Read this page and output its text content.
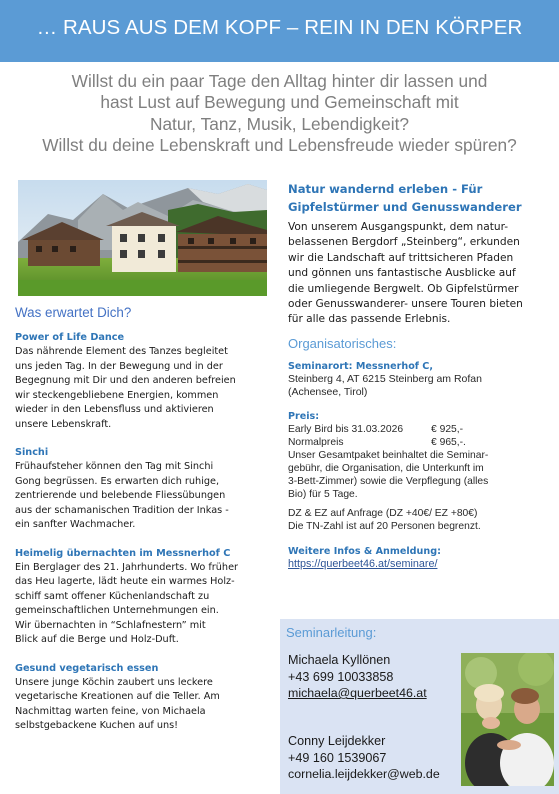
… RAUS AUS DEM KOPF – REIN IN DEN KÖRPER
Willst du ein paar Tage den Alltag hinter dir lassen und
hast Lust auf Bewegung und Gemeinschaft mit
Natur, Tanz, Musik, Lebendigkeit?
Willst du deine Lebenskraft und Lebensfreude wieder spüren?
Was erwartet Dich?
Power of Life Dance
Das nährende Element des Tanzes begleitet
uns jeden Tag. In der Bewegung und in der
Begegnung mit Dir und den anderen befreien
wir steckengebliebene Energien, kommen
wieder in den Lebensfluss und aktivieren
unsere Lebenskraft.
Sinchi
Frühaufsteher können den Tag mit Sinchi
Gong begrüssen. Es erwarten dich ruhige,
zentrierende und belebende Fliessübungen
aus der schamanischen Tradition der Inkas -
ein sanfter Wachmacher.
Heimelig übernachten im Messnerhof C
Ein Berglager des 21. Jahrhunderts. Wo früher
das Heu lagerte, lädt heute ein warmes Holz-
schiff samt offener Küchenlandschaft zu
gemeinschaftlichen Unternehmungen ein.
Wir übernachten in “Schlafnestern” mit
Blick auf die Berge und Holz-Duft.
Gesund vegetarisch essen
Unsere junge Köchin zaubert uns leckere
vegetarische Kreationen auf die Teller. Am
Nachmittag warten feine, von Michaela
selbstgebackene Kuchen auf uns!
Natur wandernd erleben - Für
Gipfelstürmer und Genusswanderer
Von unserem Ausgangspunkt, dem natur-
belassenen Bergdorf „Steinberg“, erkunden
wir die Landschaft auf trittsicheren Pfaden
und gönnen uns fantastische Ausblicke auf
die umliegende Bergwelt. Ob Gipfelstürmer
oder Genusswanderer- unsere Touren bieten
für alle das passende Erlebnis.
Organisatorisches:
Seminarort: Messnerhof C,
Steinberg 4, AT 6215 Steinberg am Rofan
(Achensee, Tirol)
Preis:
Early Bird bis 31.03.2026	€ 925,-
Normalpreis	€ 965,-.
Unser Gesamtpaket beinhaltet die Seminar-
gebühr, die Organisation, die Unterkunft im
3-Bett-Zimmer) sowie die Verpflegung (alles
Bio) für 5 Tage.
DZ & EZ auf Anfrage (DZ +40€/ EZ +80€)
Die TN-Zahl ist auf 20 Personen begrenzt.
Weitere Infos & Anmeldung:
https://querbeet46.at/seminare/
Seminarleitung:
Michaela Kyllönen
+43 699 10033858
michaela@querbeet46.at
Conny Leijdekker
+49 160 1539067
cornelia.leijdekker@web.de
